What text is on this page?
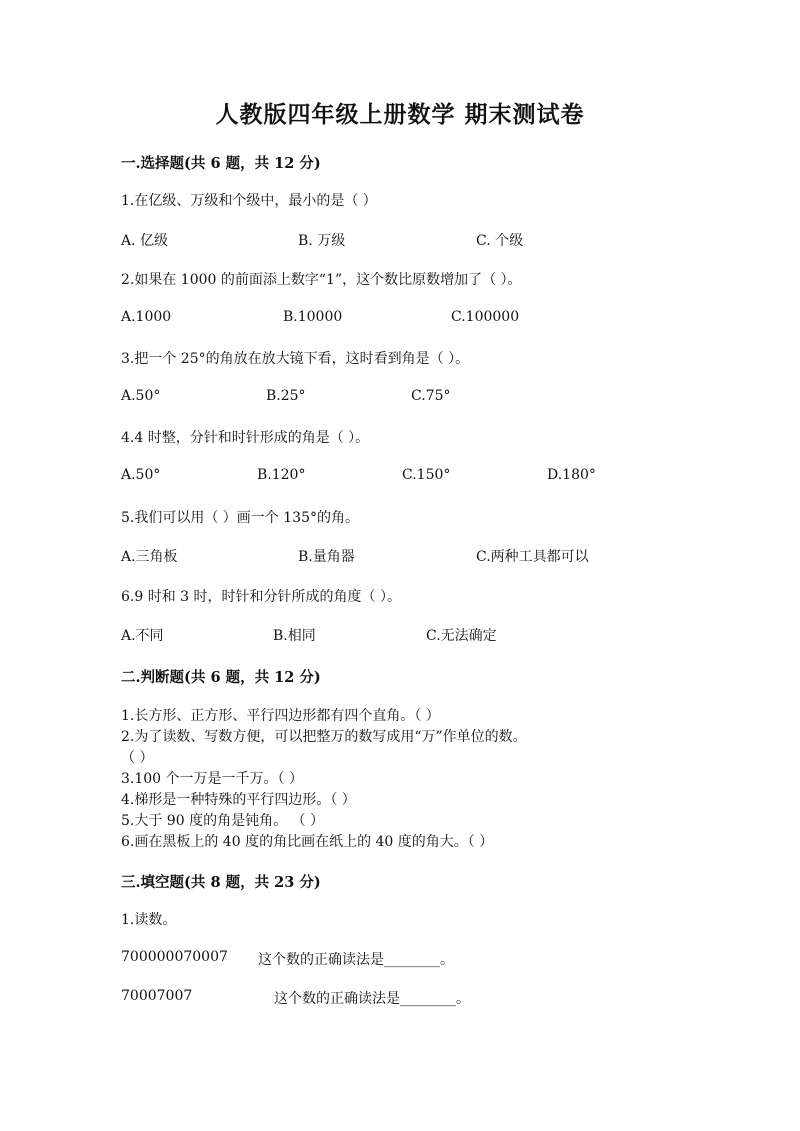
人教版四年级上册数学 期末测试卷
一.选择题(共 6 题，共 12 分)
1.在亿级、万级和个级中，最小的是（ ）
A. 亿级	B. 万级	C. 个级
2.如果在 1000 的前面添上数字“1”，这个数比原数增加了（ ）。
A.1000	B.10000	C.100000
3.把一个 25°的角放在放大镜下看，这时看到角是（ ）。
A.50°	B.25°	C.75°
4.4 时整，分针和时针形成的角是（ ）。
A.50°	B.120°	C.150°	D.180°
5.我们可以用（ ）画一个 135°的角。
A.三角板	B.量角器	C.两种工具都可以
6.9 时和 3 时，时针和分针所成的角度（ ）。
A.不同	B.相同	C.无法确定
二.判断题(共 6 题，共 12 分)
1.长方形、正方形、平行四边形都有四个直角。（ ）
2.为了读数、写数方便，可以把整万的数写成用“万”作单位的数。
（ ）
3.100 个一万是一千万。（ ）
4.梯形是一种特殊的平行四边形。（ ）
5.大于 90 度的角是钝角。 （ ）
6.画在黑板上的 40 度的角比画在纸上的 40 度的角大。（ ）
三.填空题(共 8 题，共 23 分)
1.读数。
700000070007 这个数的正确读法是________。
70007007	这个数的正确读法是________。
